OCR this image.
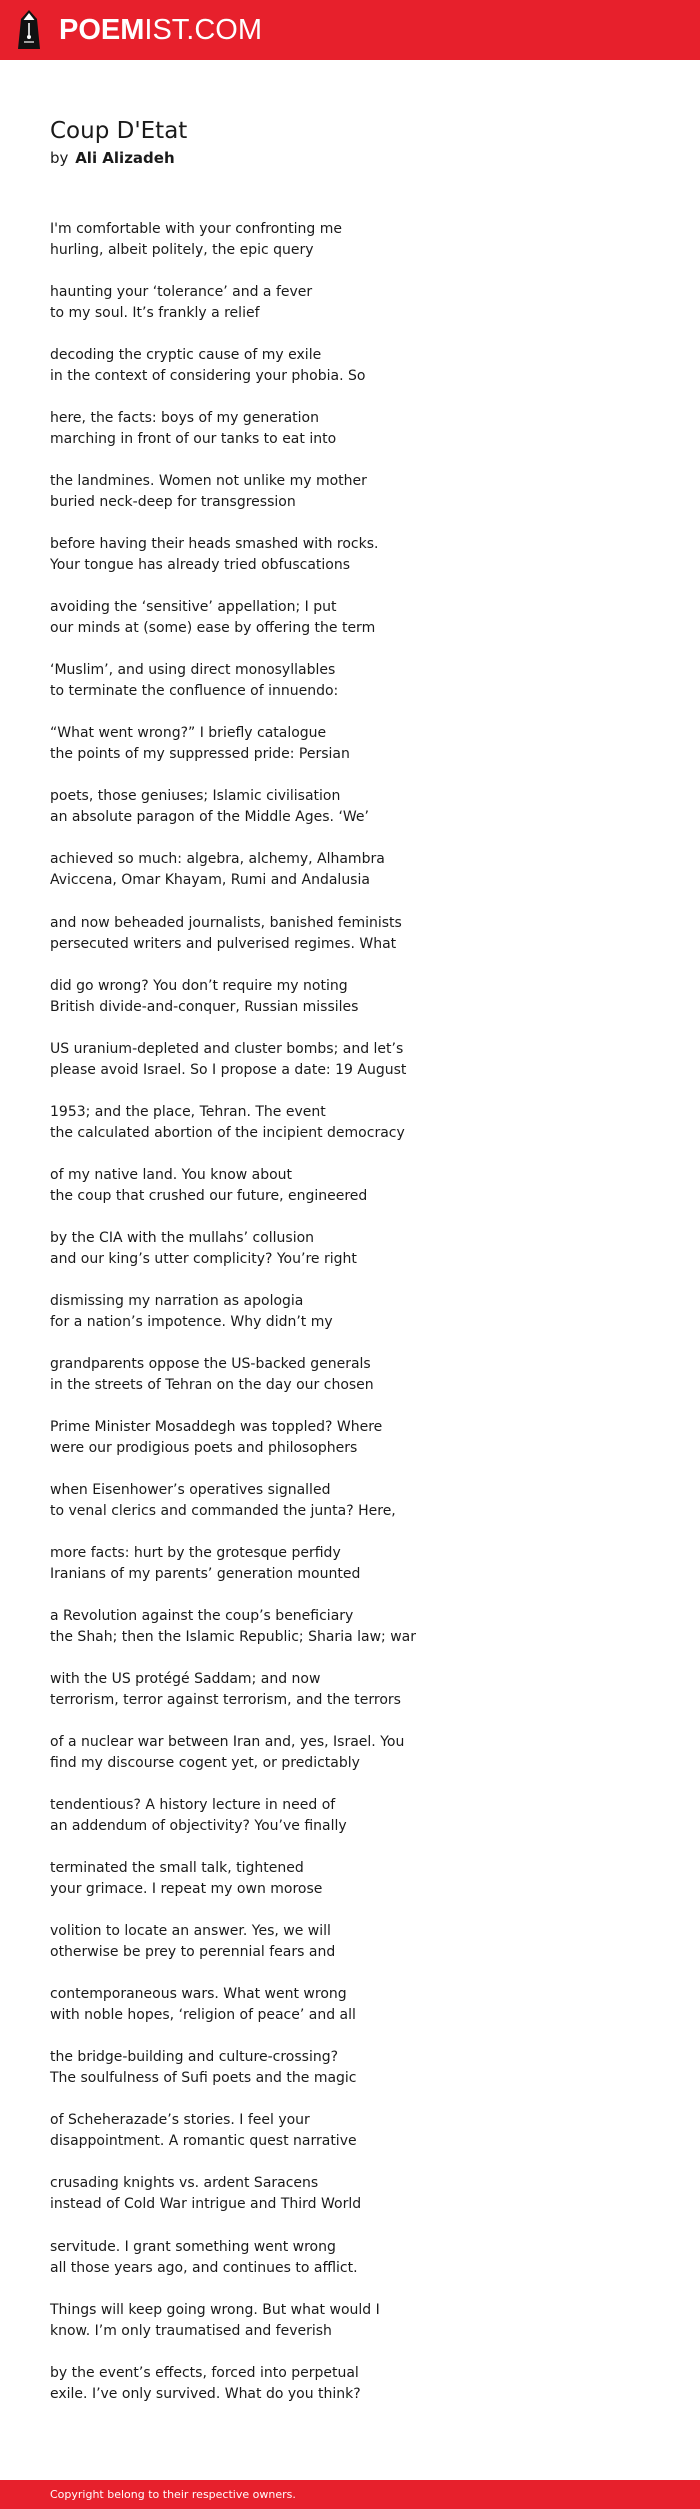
POEMIST.COM
Coup D'Etat
by Ali Alizadeh

I'm comfortable with your confronting me
hurling, albeit politely, the epic query

haunting your ‘tolerance’ and a fever
to my soul. It’s frankly a relief

decoding the cryptic cause of my exile
in the context of considering your phobia. So

here, the facts: boys of my generation
marching in front of our tanks to eat into

the landmines. Women not unlike my mother
buried neck-deep for transgression

before having their heads smashed with rocks.
Your tongue has already tried obfuscations

avoiding the ‘sensitive’ appellation; I put
our minds at (some) ease by offering the term

‘Muslim’, and using direct monosyllables
to terminate the confluence of innuendo:

“What went wrong?” I briefly catalogue
the points of my suppressed pride: Persian

poets, those geniuses; Islamic civilisation
an absolute paragon of the Middle Ages. ‘We’

achieved so much: algebra, alchemy, Alhambra
Aviccena, Omar Khayam, Rumi and Andalusia

and now beheaded journalists, banished feminists
persecuted writers and pulverised regimes. What

did go wrong? You don’t require my noting
British divide-and-conquer, Russian missiles

US uranium-depleted and cluster bombs; and let’s
please avoid Israel. So I propose a date: 19 August

1953; and the place, Tehran. The event
the calculated abortion of the incipient democracy

of my native land. You know about
the coup that crushed our future, engineered

by the CIA with the mullahs’ collusion
and our king’s utter complicity? You’re right

dismissing my narration as apologia
for a nation’s impotence. Why didn’t my

grandparents oppose the US-backed generals
in the streets of Tehran on the day our chosen

Prime Minister Mosaddegh was toppled? Where
were our prodigious poets and philosophers

when Eisenhower’s operatives signalled
to venal clerics and commanded the junta? Here,

more facts: hurt by the grotesque perfidy
Iranians of my parents’ generation mounted

a Revolution against the coup’s beneficiary
the Shah; then the Islamic Republic; Sharia law; war

with the US protégé Saddam; and now
terrorism, terror against terrorism, and the terrors

of a nuclear war between Iran and, yes, Israel. You
find my discourse cogent yet, or predictably

tendentious? A history lecture in need of
an addendum of objectivity? You’ve finally

terminated the small talk, tightened
your grimace. I repeat my own morose

volition to locate an answer. Yes, we will
otherwise be prey to perennial fears and

contemporaneous wars. What went wrong
with noble hopes, ‘religion of peace’ and all

the bridge-building and culture-crossing?
The soulfulness of Sufi poets and the magic

of Scheherazade’s stories. I feel your
disappointment. A romantic quest narrative

crusading knights vs. ardent Saracens
instead of Cold War intrigue and Third World

servitude. I grant something went wrong
all those years ago, and continues to afflict.

Things will keep going wrong. But what would I
know. I’m only traumatised and feverish

by the event’s effects, forced into perpetual
exile. I’ve only survived. What do you think?

Copyright belong to their respective owners.
